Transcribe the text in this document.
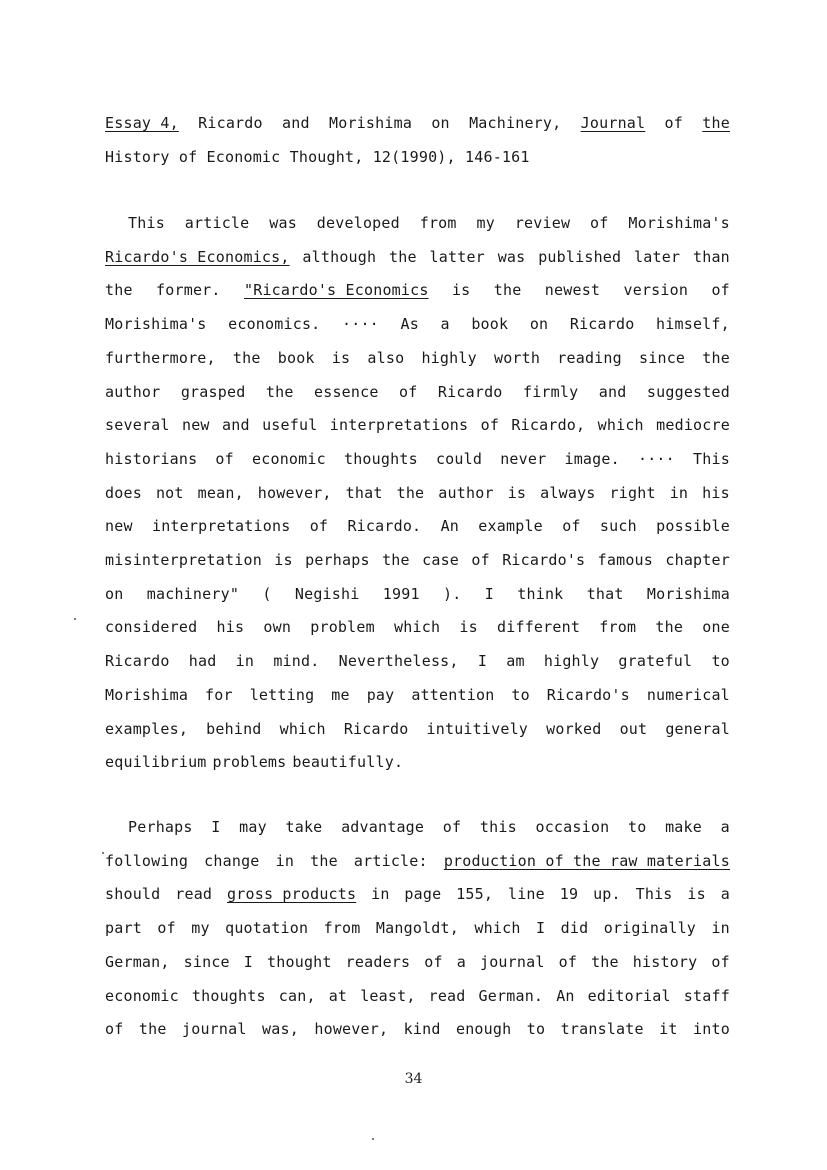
Essay 4, Ricardo and Morishima on Machinery, Journal of the
History of Economic Thought, 12(1990), 146-161
This article was developed from my review of Morishima's
Ricardo's Economics, although the latter was published later than
the former. "Ricardo's Economics is the newest version of
Morishima's economics. ···· As a book on Ricardo himself,
furthermore, the book is also highly worth reading since the
author grasped the essence of Ricardo firmly and suggested
several new and useful interpretations of Ricardo, which mediocre
historians of economic thoughts could never image. ···· This
does not mean, however, that the author is always right in his
new interpretations of Ricardo. An example of such possible
misinterpretation is perhaps the case of Ricardo's famous chapter
on machinery" ( Negishi 1991 ). I think that Morishima
considered his own problem which is different from the one
Ricardo had in mind. Nevertheless, I am highly grateful to
Morishima for letting me pay attention to Ricardo's numerical
examples, behind which Ricardo intuitively worked out general
equilibrium problems beautifully.
Perhaps I may take advantage of this occasion to make a
following change in the article: production of the raw materials
should read gross products in page 155, line 19 up. This is a
part of my quotation from Mangoldt, which I did originally in
German, since I thought readers of a journal of the history of
economic thoughts can, at least, read German. An editorial staff
of the journal was, however, kind enough to translate it into
34
